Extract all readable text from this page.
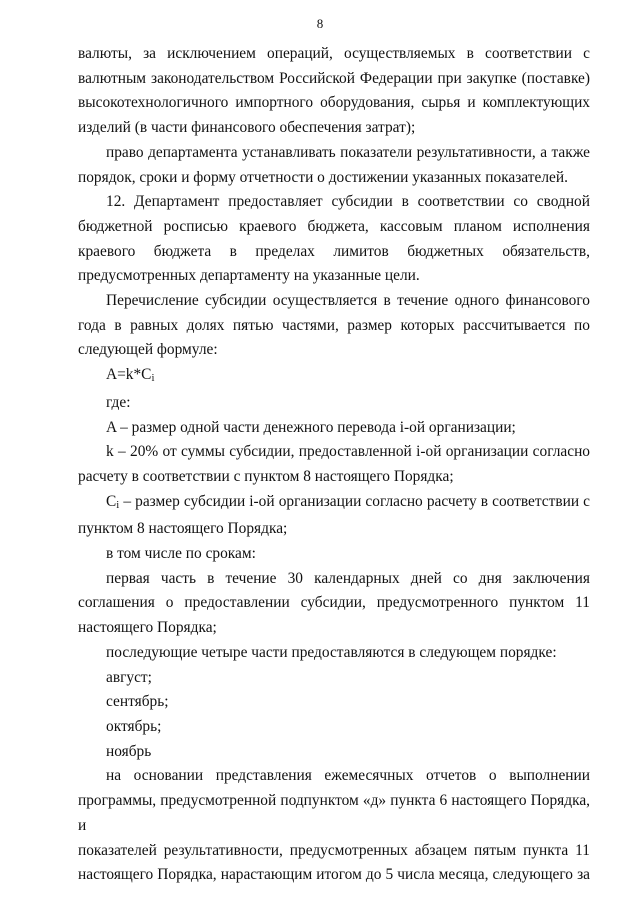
8
валюты, за исключением операций, осуществляемых в соответствии с
валютным законодательством Российской Федерации при закупке (поставке)
высокотехнологичного импортного оборудования, сырья и комплектующих
изделий (в части финансового обеспечения затрат);
право департамента устанавливать показатели результативности, а также
порядок, сроки и форму отчетности о достижении указанных показателей.
12. Департамент предоставляет субсидии в соответствии со сводной
бюджетной росписью краевого бюджета, кассовым планом исполнения
краевого бюджета в пределах лимитов бюджетных обязательств,
предусмотренных департаменту на указанные цели.
Перечисление субсидии осуществляется в течение одного финансового
года в равных долях пятью частями, размер которых рассчитывается по
следующей формуле:
$A=k*C_i$
где:
A – размер одной части денежного перевода i-ой организации;
k – 20% от суммы субсидии, предоставленной i-ой организации согласно
расчету в соответствии с пунктом 8 настоящего Порядка;
$C_i$ – размер субсидии i-ой организации согласно расчету в соответствии с
пунктом 8 настоящего Порядка;
в том числе по срокам:
первая часть в течение 30 календарных дней со дня заключения
соглашения о предоставлении субсидии, предусмотренного пунктом 11
настоящего Порядка;
последующие четыре части предоставляются в следующем порядке:
август;
сентябрь;
октябрь;
ноябрь
на основании представления ежемесячных отчетов о выполнении
программы, предусмотренной подпунктом «д» пункта 6 настоящего Порядка, и
показателей результативности, предусмотренных абзацем пятым пункта 11
настоящего Порядка, нарастающим итогом до 5 числа месяца, следующего за
